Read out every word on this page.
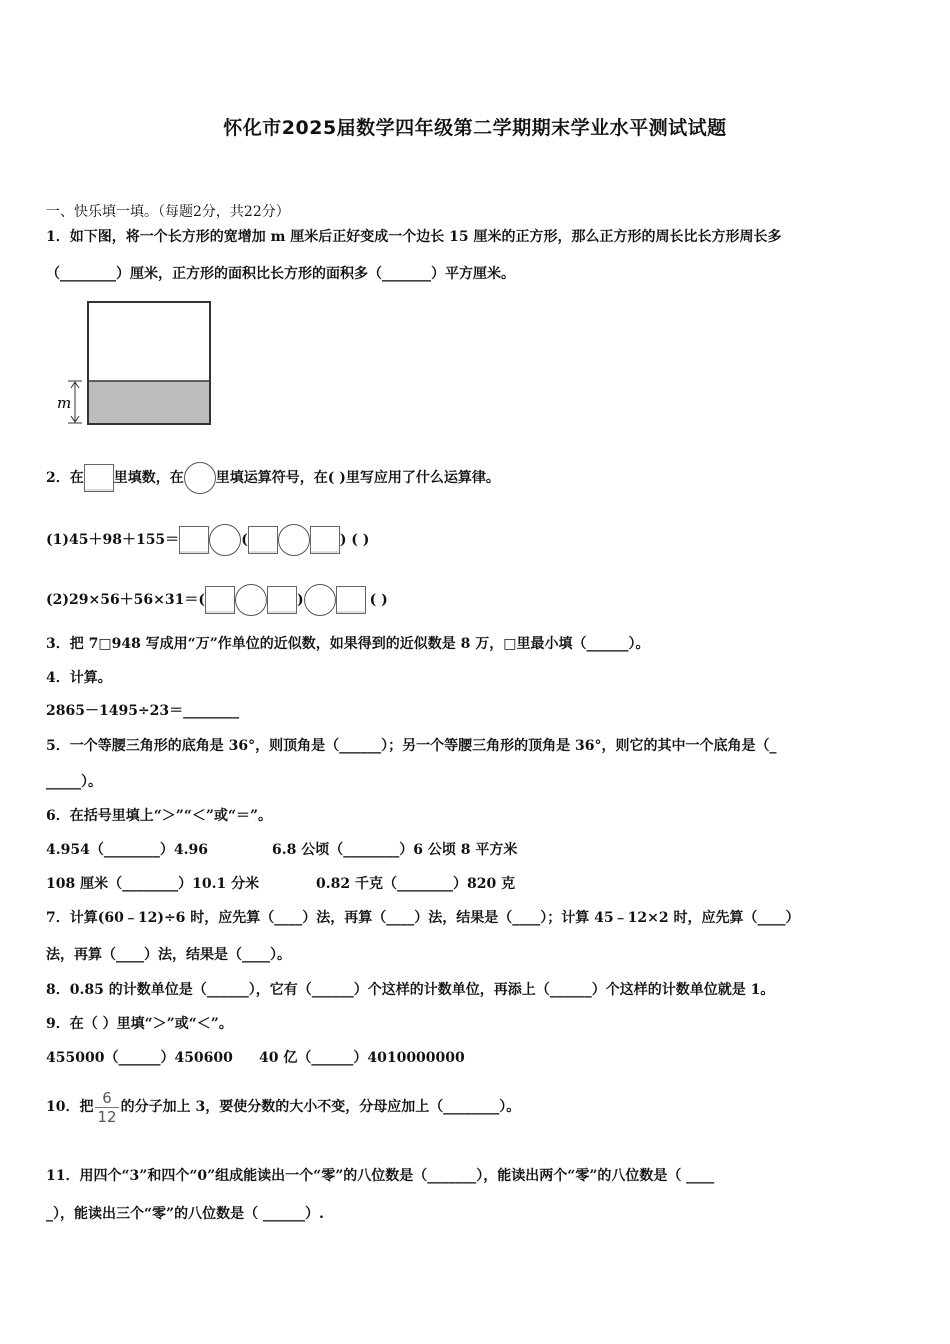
怀化市2025届数学四年级第二学期期末学业水平测试试题
一、快乐填一填。（每题2分，共22分）
1．如下图，将一个长方形的宽增加 m 厘米后正好变成一个边长 15 厘米的正方形，那么正方形的周长比长方形周长多
（________）厘米，正方形的面积比长方形的面积多（_______）平方厘米。
m
2．在 里填数，在 里填运算符号，在( )里写应用了什么运算律。
(1)45＋98＋155＝	(	) ( )
(2)29×56＋56×31＝(	)	( )
3．把 7□948 写成用“万”作单位的近似数，如果得到的近似数是 8 万，□里最小填（______）。
4．计算。
2865－1495÷23＝________
5．一个等腰三角形的底角是 36°，则顶角是（______）；另一个等腰三角形的顶角是 36°，则它的其中一个底角是（_
_____）。
6．在括号里填上“＞”“＜”或“＝”。
4.954（________）4.96	6.8 公顷（________）6 公顷 8 平方米
108 厘米（________）10.1 分米	0.82 千克（________）820 克
7．计算(60﹣12)÷6 时，应先算（____）法，再算（____）法，结果是（____）；计算 45﹣12×2 时，应先算（____）
法，再算（____）法，结果是（____）。
8．0.85 的计数单位是（______），它有（______）个这样的计数单位，再添上（______）个这样的计数单位就是 1。
9．在（ ）里填“＞”或“＜”。
455000（______）450600 40 亿（______）4010000000
10．把 $\frac{6}{12}$ 的分子加上 3，要使分数的大小不变，分母应加上（________）。
11．用四个“3”和四个“0”组成能读出一个“零”的八位数是（_______），能读出两个“零”的八位数是（ ____
_），能读出三个“零”的八位数是（ ______）.
